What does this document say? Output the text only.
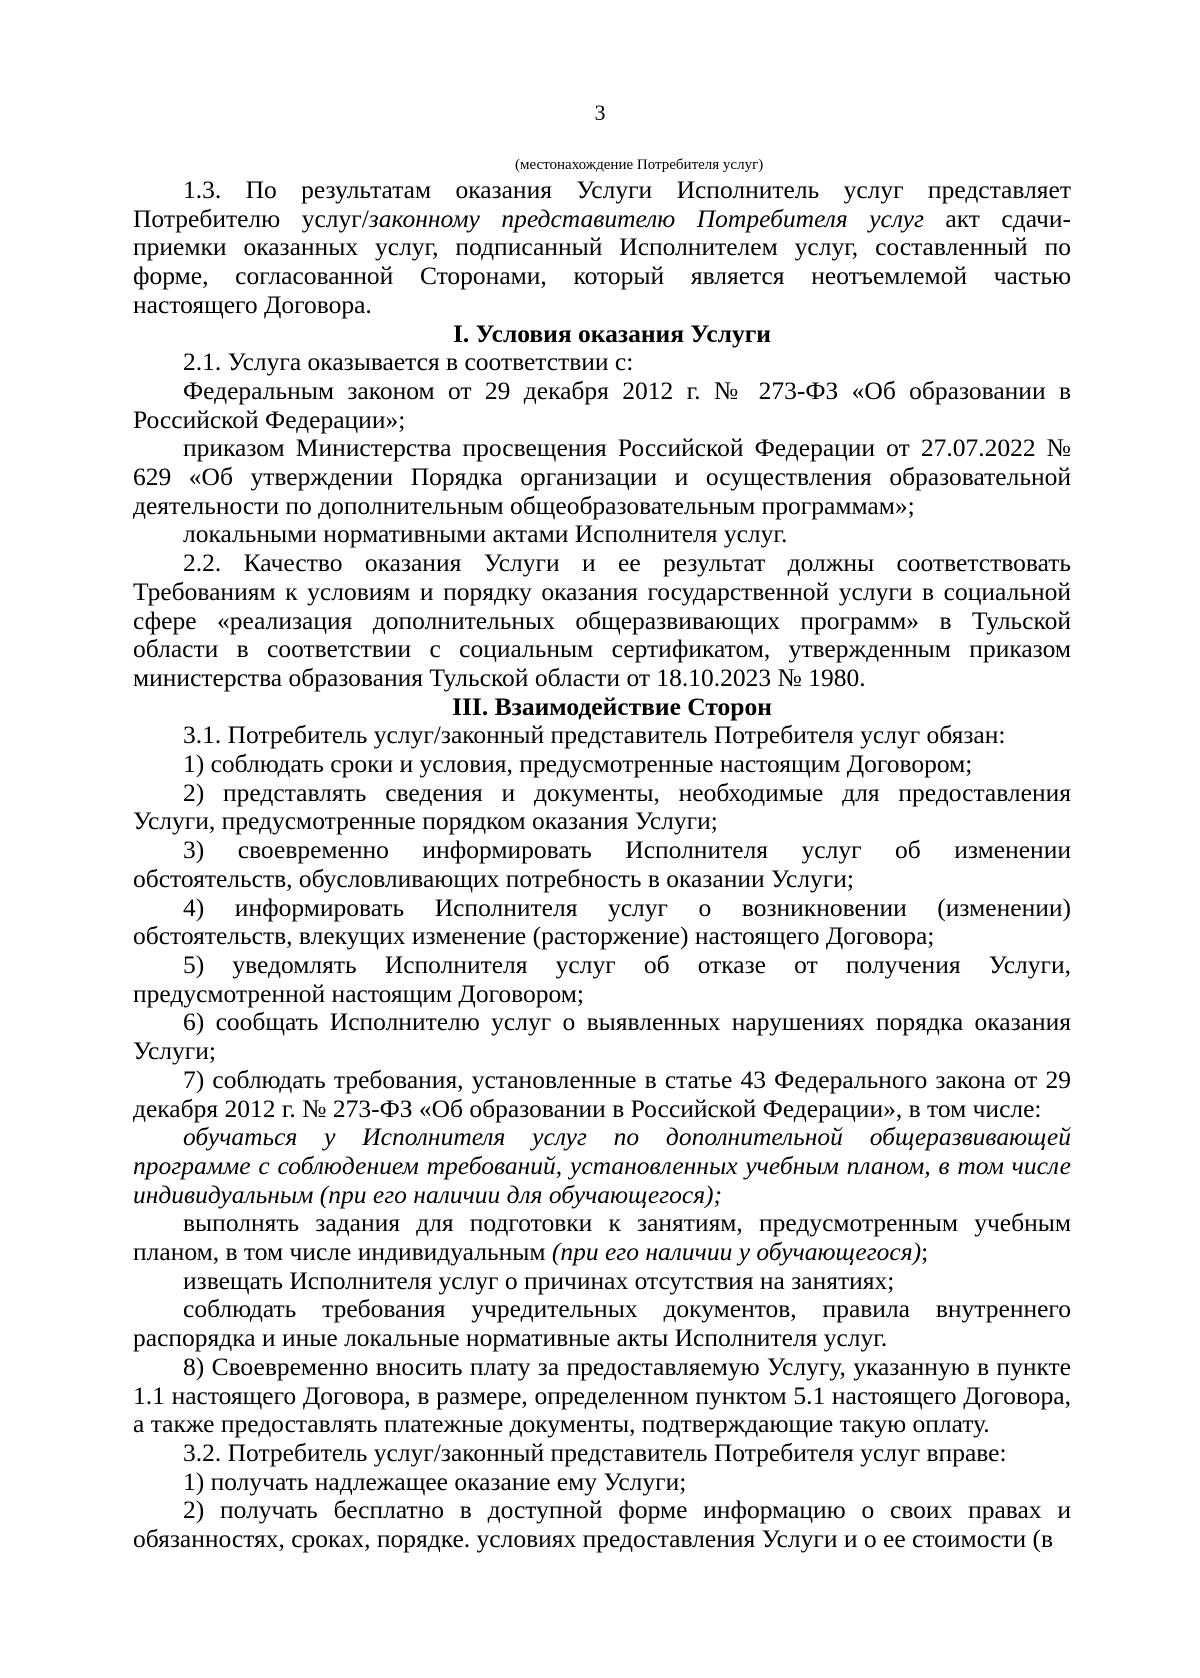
3
(местонахождение Потребителя услуг)

1.3. По результатам оказания Услуги Исполнитель услуг представляет Потребителю услуг/законному представителю Потребителя услуг акт сдачи-приемки оказанных услуг, подписанный Исполнителем услуг, составленный по форме, согласованной Сторонами, который является неотъемлемой частью настоящего Договора.

I. Условия оказания Услуги

2.1. Услуга оказывается в соответствии с:

Федеральным законом от 29 декабря 2012 г. № 273-ФЗ «Об образовании в Российской Федерации»;

приказом Министерства просвещения Российской Федерации от 27.07.2022 № 629 «Об утверждении Порядка организации и осуществления образовательной деятельности по дополнительным общеобразовательным программам»;

локальными нормативными актами Исполнителя услуг.

2.2. Качество оказания Услуги и ее результат должны соответствовать Требованиям к условиям и порядку оказания государственной услуги в социальной сфере «реализация дополнительных общеразвивающих программ» в Тульской области в соответствии с социальным сертификатом, утвержденным приказом министерства образования Тульской области от 18.10.2023 № 1980.

III. Взаимодействие Сторон

3.1. Потребитель услуг/законный представитель Потребителя услуг обязан:

1) соблюдать сроки и условия, предусмотренные настоящим Договором;

2) представлять сведения и документы, необходимые для предоставления Услуги, предусмотренные порядком оказания Услуги;

3) своевременно информировать Исполнителя услуг об изменении обстоятельств, обусловливающих потребность в оказании Услуги;

4) информировать Исполнителя услуг о возникновении (изменении) обстоятельств, влекущих изменение (расторжение) настоящего Договора;

5) уведомлять Исполнителя услуг об отказе от получения Услуги, предусмотренной настоящим Договором;

6) сообщать Исполнителю услуг о выявленных нарушениях порядка оказания Услуги;

7) соблюдать требования, установленные в статье 43 Федерального закона от 29 декабря 2012 г. № 273-ФЗ «Об образовании в Российской Федерации», в том числе:

обучаться у Исполнителя услуг по дополнительной общеразвивающей программе с соблюдением требований, установленных учебным планом, в том числе индивидуальным (при его наличии для обучающегося);

выполнять задания для подготовки к занятиям, предусмотренным учебным планом, в том числе индивидуальным (при его наличии у обучающегося);

извещать Исполнителя услуг о причинах отсутствия на занятиях;

соблюдать требования учредительных документов, правила внутреннего распорядка и иные локальные нормативные акты Исполнителя услуг.

8) Своевременно вносить плату за предоставляемую Услугу, указанную в пункте 1.1 настоящего Договора, в размере, определенном пунктом 5.1 настоящего Договора, а также предоставлять платежные документы, подтверждающие такую оплату.

3.2. Потребитель услуг/законный представитель Потребителя услуг вправе:

1) получать надлежащее оказание ему Услуги;

2) получать бесплатно в доступной форме информацию о своих правах и обязанностях, сроках, порядке. условиях предоставления Услуги и о ее стоимости (в
